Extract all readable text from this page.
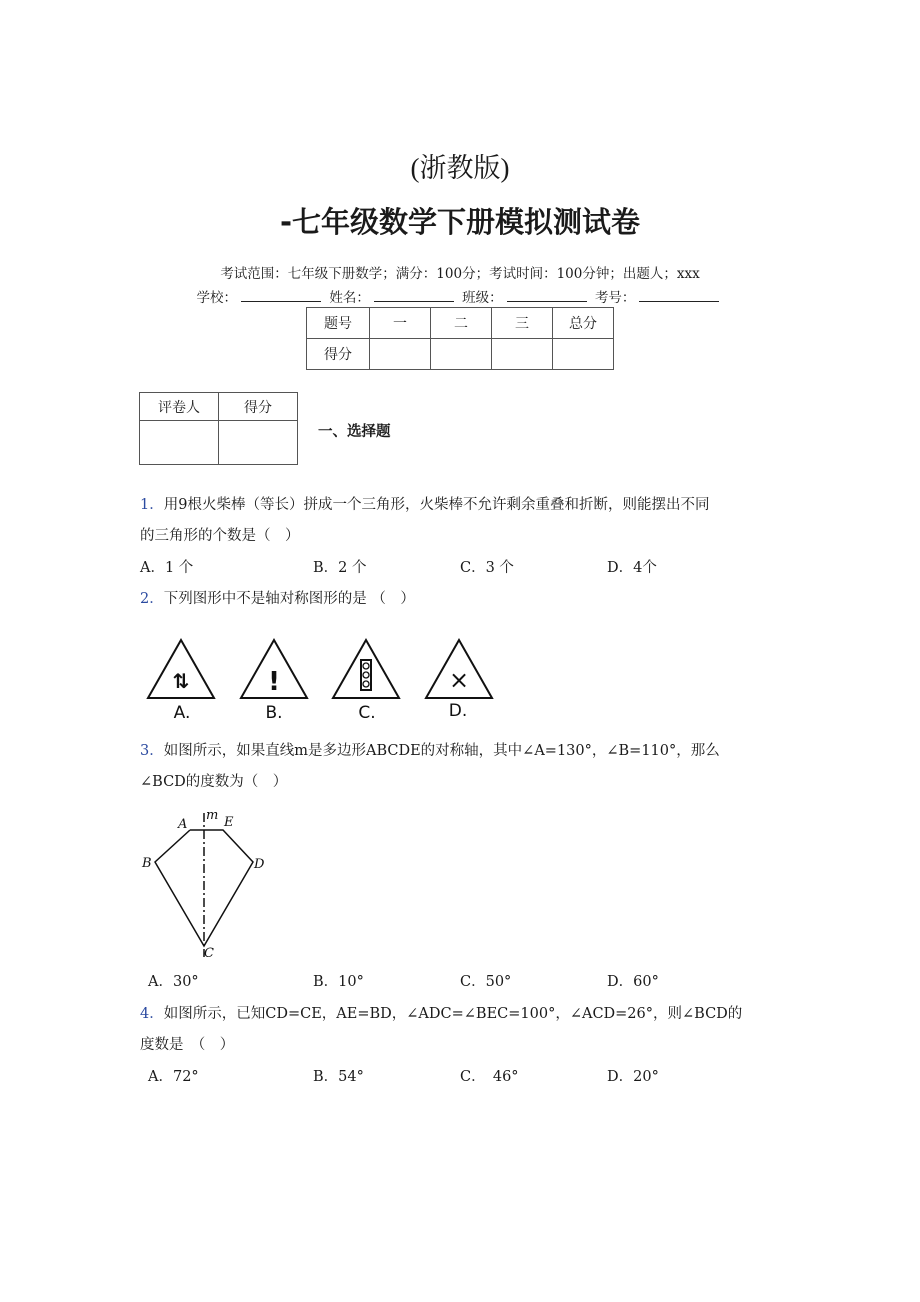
(浙教版)
-七年级数学下册模拟测试卷
考试范围：七年级下册数学；满分：100分；考试时间：100分钟；出题人；xxx
学校：	姓名：	班级：	考号：
题号	一	二	三	总分
得分				
评卷人	得分

一、选择题
1．用9根火柴棒（等长）拼成一个三角形，火柴棒不允许剩余重叠和折断，则能摆出不同
的三角形的个数是（　）
A．1 个	B．2 个	C．3 个	D．4个
2．下列图形中不是轴对称图形的是 （　）
⇅	!	×
A.	B.	C.	D.
3．如图所示，如果直线m是多边形ABCDE的对称轴，其中∠A=130°，∠B=110°，那么
∠BCD的度数为（　）
m
A	E
B	D
C
A．30°	B．10°	C．50°	D．60°
4．如图所示，已知CD=CE，AE=BD，∠ADC=∠BEC=100°，∠ACD=26°，则∠BCD的
度数是　（　）
A．72°	B．54°	C．　46°	D．20°
